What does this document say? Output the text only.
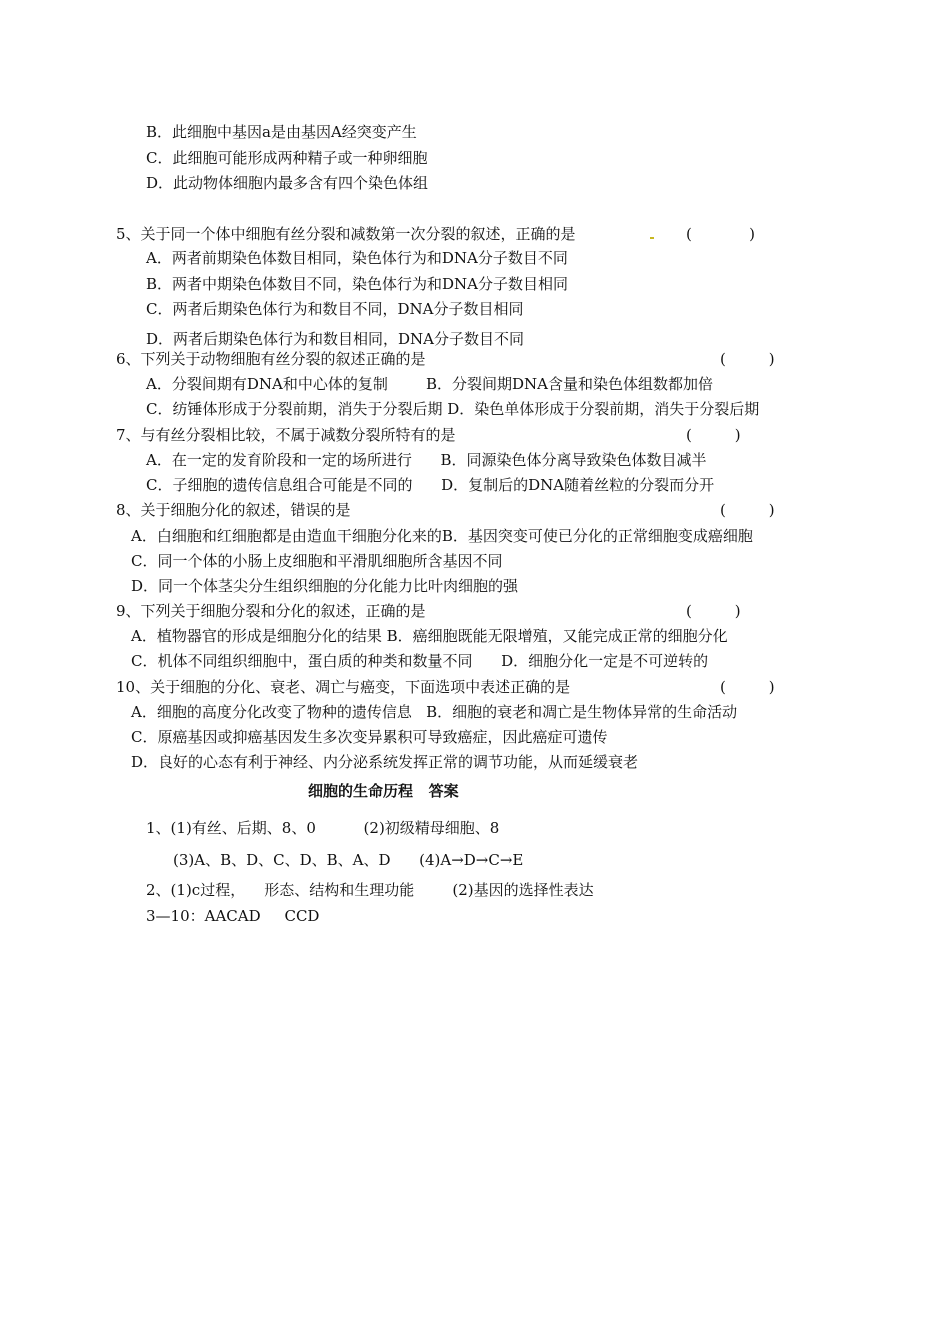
B．此细胞中基因a是由基因A经突变产生
C．此细胞可能形成两种精子或一种卵细胞
D．此动物体细胞内最多含有四个染色体组
5、关于同一个体中细胞有丝分裂和减数第一次分裂的叙述，正确的是	(            )
A．两者前期染色体数目相同，染色体行为和DNA分子数目不同
B．两者中期染色体数目不同，染色体行为和DNA分子数目相同
C．两者后期染色体行为和数目不同，DNA分子数目相同
D．两者后期染色体行为和数目相同，DNA分子数目不同
6、下列关于动物细胞有丝分裂的叙述正确的是	(         )
A．分裂间期有DNA和中心体的复制        B．分裂间期DNA含量和染色体组数都加倍
C．纺锤体形成于分裂前期，消失于分裂后期 D．染色单体形成于分裂前期，消失于分裂后期
7、与有丝分裂相比较，不属于减数分裂所特有的是	(         )
A．在一定的发育阶段和一定的场所进行      B．同源染色体分离导致染色体数目减半
C．子细胞的遗传信息组合可能是不同的      D．复制后的DNA随着丝粒的分裂而分开
8、关于细胞分化的叙述，错误的是	(         )
A．白细胞和红细胞都是由造血干细胞分化来的B．基因突变可使已分化的正常细胞变成癌细胞
C．同一个体的小肠上皮细胞和平滑肌细胞所含基因不同
D．同一个体茎尖分生组织细胞的分化能力比叶肉细胞的强
9、下列关于细胞分裂和分化的叙述，正确的是	(         )
A．植物器官的形成是细胞分化的结果 B．癌细胞既能无限增殖，又能完成正常的细胞分化
C．机体不同组织细胞中，蛋白质的种类和数量不同      D．细胞分化一定是不可逆转的
10、关于细胞的分化、衰老、凋亡与癌变，下面选项中表述正确的是	(         )
A．细胞的高度分化改变了物种的遗传信息   B．细胞的衰老和凋亡是生物体异常的生命活动
C．原癌基因或抑癌基因发生多次变异累积可导致癌症，因此癌症可遗传
D．良好的心态有利于神经、内分泌系统发挥正常的调节功能，从而延缓衰老
细胞的生命历程   答案
1、(1)有丝、后期、8、0          (2)初级精母细胞、8
(3)A、B、D、C、D、B、A、D      (4)A→D→C→E
2、(1)c过程，    形态、结构和生理功能        (2)基因的选择性表达
3—10：AACAD     CCD
